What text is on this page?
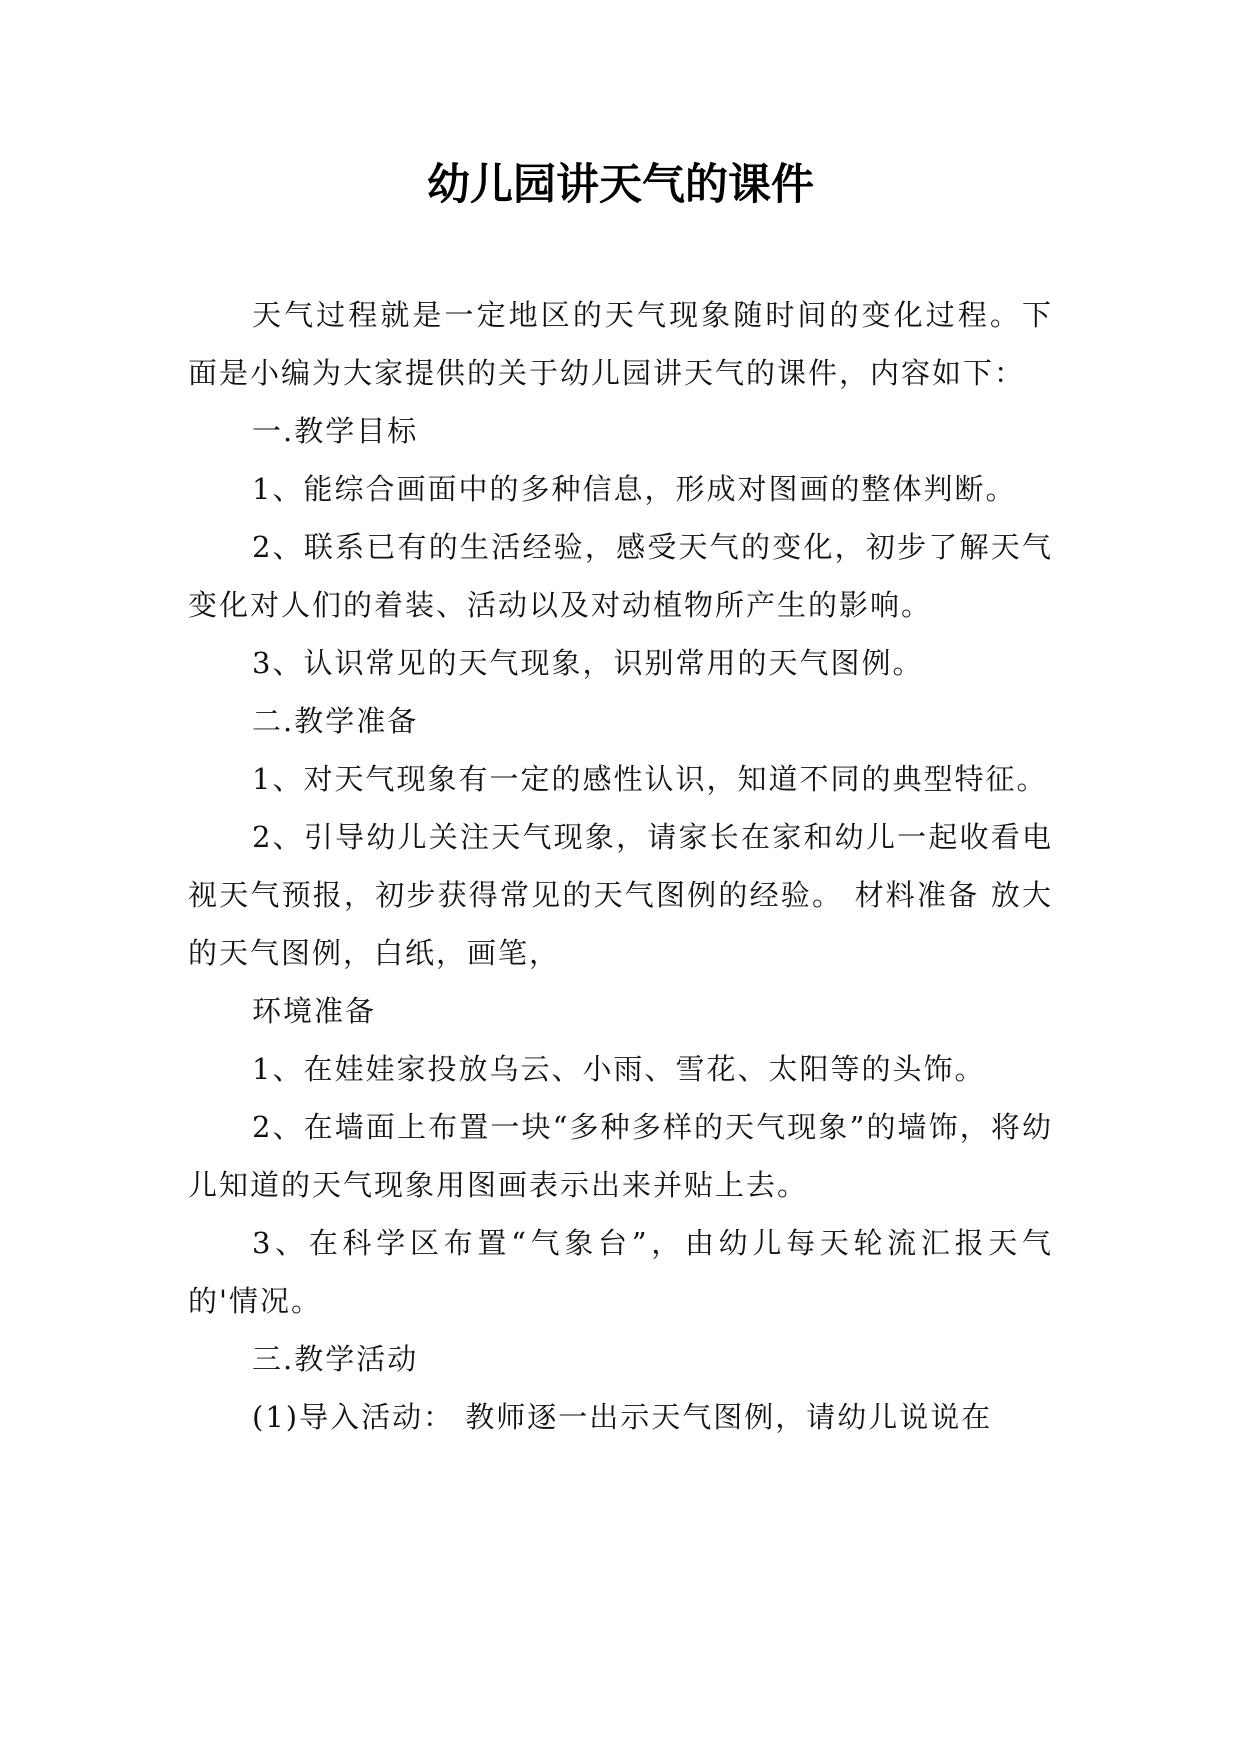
幼儿园讲天气的课件

天气过程就是一定地区的天气现象随时间的变化过程。下面是小编为大家提供的关于幼儿园讲天气的课件，内容如下：

一.教学目标

1、能综合画面中的多种信息，形成对图画的整体判断。

2、联系已有的生活经验，感受天气的变化，初步了解天气变化对人们的着装、活动以及对动植物所产生的影响。

3、认识常见的天气现象，识别常用的天气图例。

二.教学准备

1、对天气现象有一定的感性认识，知道不同的典型特征。

2、引导幼儿关注天气现象，请家长在家和幼儿一起收看电视天气预报，初步获得常见的天气图例的经验。 材料准备 放大的天气图例，白纸，画笔，

环境准备

1、在娃娃家投放乌云、小雨、雪花、太阳等的头饰。

2、在墙面上布置一块“多种多样的天气现象”的墙饰，将幼儿知道的天气现象用图画表示出来并贴上去。

3、在科学区布置“气象台”，由幼儿每天轮流汇报天气的'情况。

三.教学活动

(1)导入活动： 教师逐一出示天气图例，请幼儿说说在
